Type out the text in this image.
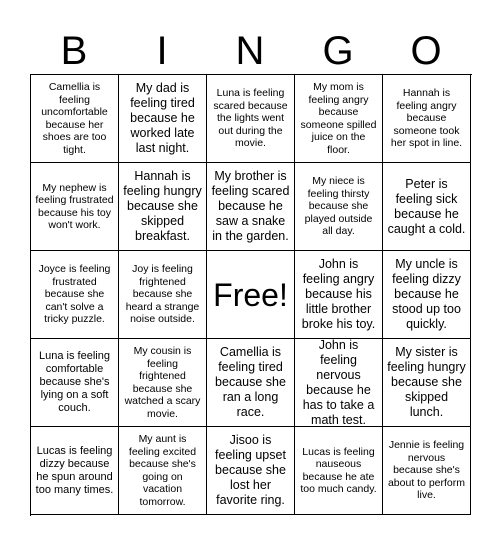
B	I	N	G	O
Camellia is feeling uncomfortable because her shoes are too tight.
My dad is feeling tired because he worked late last night.
Luna is feeling scared because the lights went out during the movie.
My mom is feeling angry because someone spilled juice on the floor.
Hannah is feeling angry because someone took her spot in line.
My nephew is feeling frustrated because his toy won't work.
Hannah is feeling hungry because she skipped breakfast.
My brother is feeling scared because he saw a snake in the garden.
My niece is feeling thirsty because she played outside all day.
Peter is feeling sick because he caught a cold.
Joyce is feeling frustrated because she can't solve a tricky puzzle.
Joy is feeling frightened because she heard a strange noise outside.
Free!
John is feeling angry because his little brother broke his toy.
My uncle is feeling dizzy because he stood up too quickly.
Luna is feeling comfortable because she's lying on a soft couch.
My cousin is feeling frightened because she watched a scary movie.
Camellia is feeling tired because she ran a long race.
John is feeling nervous because he has to take a math test.
My sister is feeling hungry because she skipped lunch.
Lucas is feeling dizzy because he spun around too many times.
My aunt is feeling excited because she's going on vacation tomorrow.
Jisoo is feeling upset because she lost her favorite ring.
Lucas is feeling nauseous because he ate too much candy.
Jennie is feeling nervous because she's about to perform live.
